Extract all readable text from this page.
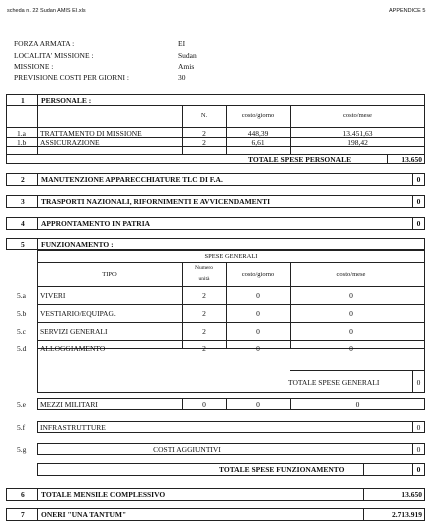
scheda n. 22 Sudan AMIS EI.xls	APPENDICE 5
FORZA ARMATA :	EI
LOCALITA' MISSIONE :	Sudan
MISSIONE :	Amis
PREVISIONE COSTI PER GIORNI :	30
1 PERSONALE :
N.	costo/giorno	costo/mese
1.a TRATTAMENTO DI MISSIONE	2	448,39	13.451,63
1.b ASSICURAZIONE	2	6,61	198,42
TOTALE SPESE PERSONALE	13.650
2 MANUTENZIONE APPARECCHIATURE TLC DI F.A.	0
3 TRASPORTI NAZIONALI, RIFORNIMENTI E AVVICENDAMENTI	0
4 APPRONTAMENTO IN PATRIA	0
5 FUNZIONAMENTO :
SPESE GENERALI
TIPO
Numero
unità
costo/giorno	costo/mese
5.a VIVERI	2	0	0
5.b VESTIARIO/EQUIPAG.	2	0	0
5.c SERVIZI GENERALI	2	0	0
5.d ALLOGGIAMENTO	2	0	0
TOTALE SPESE GENERALI	0
5.e MEZZI MILITARI	0	0	0
5.f INFRASTRUTTURE	0
5.g	COSTI AGGIUNTIVI	0
TOTALE SPESE FUNZIONAMENTO	0
6 TOTALE MENSILE COMPLESSIVO	13.650
7 ONERI "UNA TANTUM"	2.713.919
